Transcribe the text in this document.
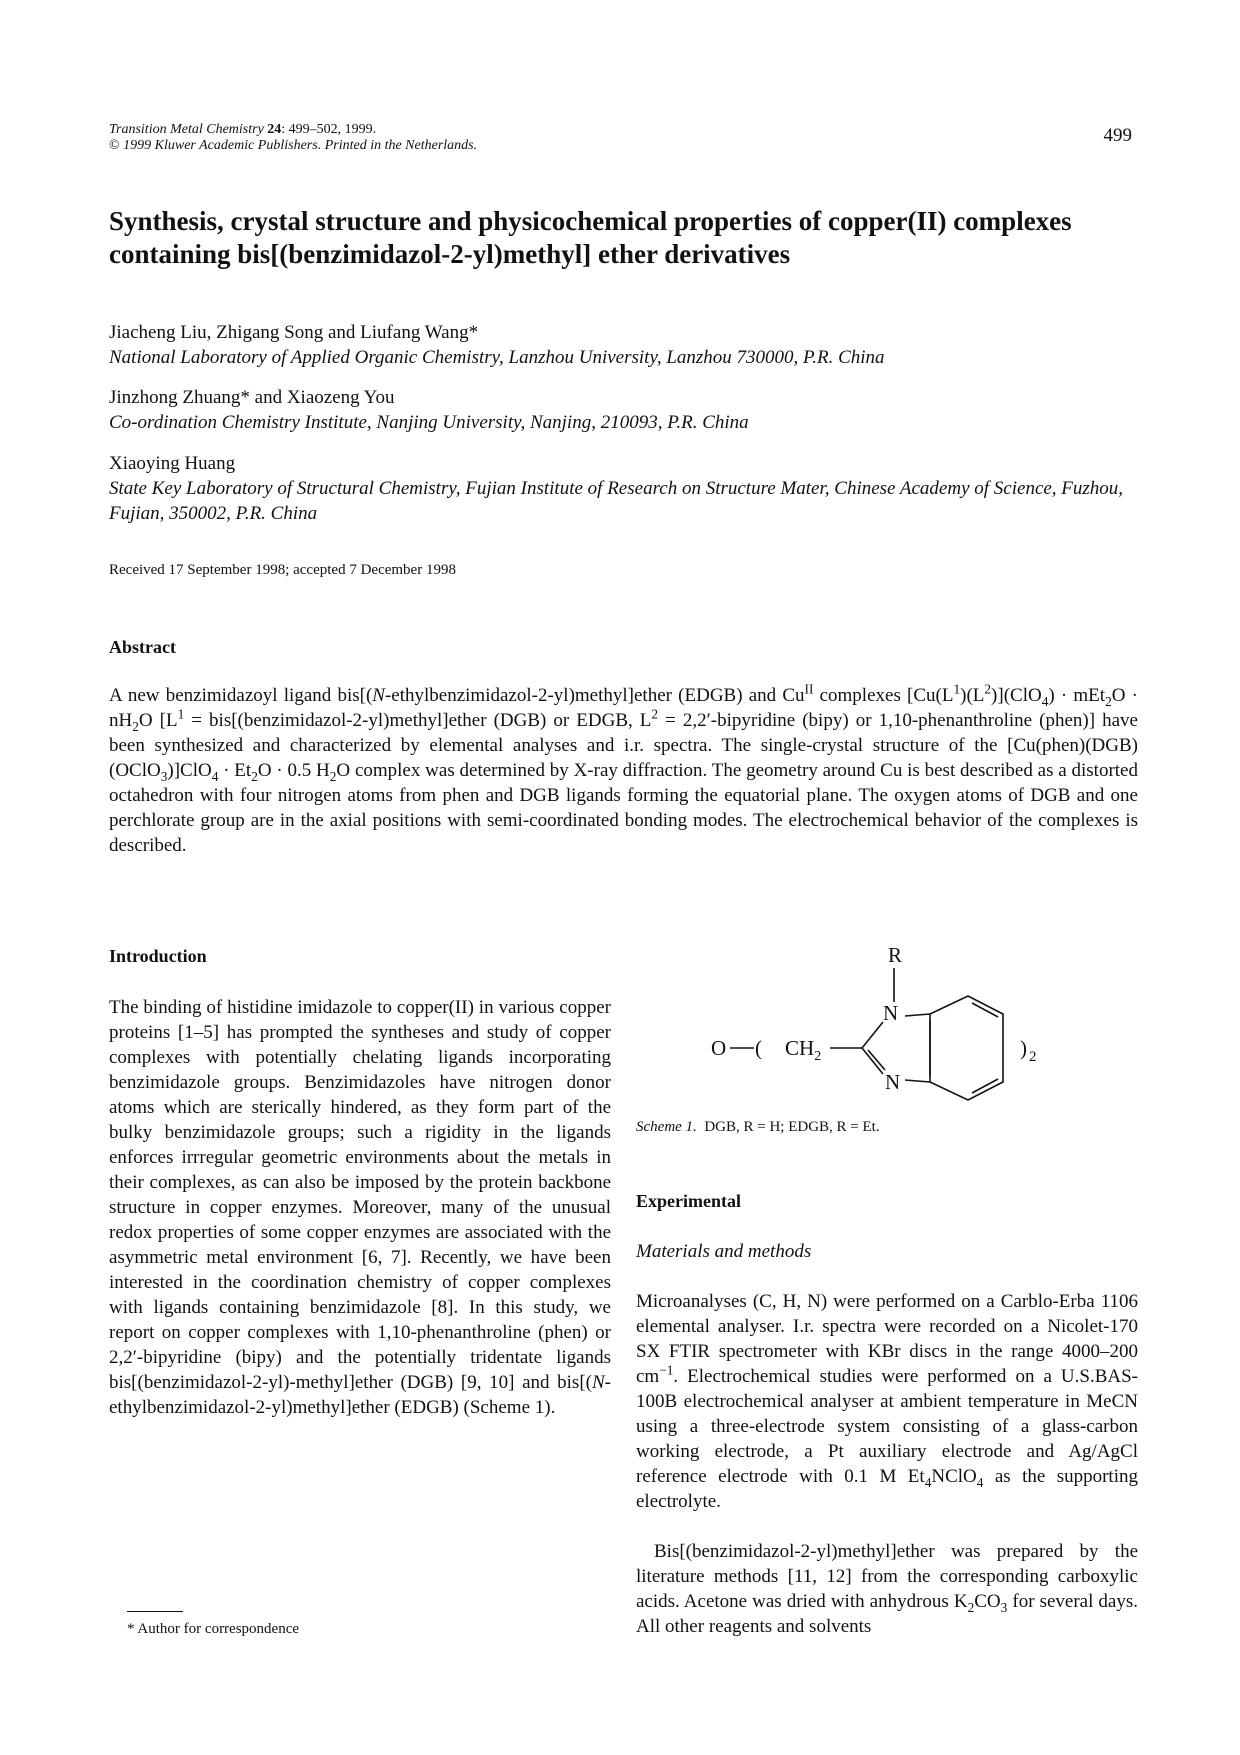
Transition Metal Chemistry 24: 499–502, 1999.
© 1999 Kluwer Academic Publishers. Printed in the Netherlands.	499
Synthesis, crystal structure and physicochemical properties of copper(II) complexes
containing bis[(benzimidazol-2-yl)methyl] ether derivatives
Jiacheng Liu, Zhigang Song and Liufang Wang*
National Laboratory of Applied Organic Chemistry, Lanzhou University, Lanzhou 730000, P.R. China
Jinzhong Zhuang* and Xiaozeng You
Co-ordination Chemistry Institute, Nanjing University, Nanjing, 210093, P.R. China
Xiaoying Huang
State Key Laboratory of Structural Chemistry, Fujian Institute of Research on Structure Mater, Chinese Academy of Science, Fuzhou, Fujian, 350002, P.R. China
Received 17 September 1998; accepted 7 December 1998
Abstract

A new benzimidazoyl ligand bis[(N-ethylbenzimidazol-2-yl)methyl]ether (EDGB) and $Cu^{II}$ complexes $[Cu(L^1)(L^2)](ClO_4) \cdot mEt_2O \cdot nH_2O$ [$L^1$ = bis[(benzimidazol-2-yl)methyl]ether (DGB) or EDGB, $L^2$ = 2,2′-bipyridine (bipy) or 1,10-phenanthroline (phen)] have been synthesized and characterized by elemental analyses and i.r. spectra. The single-crystal structure of the [Cu(phen)(DGB)(OClO$_3$)]ClO$_4$ · $Et_2O \cdot 0.5$ $H_2O$ complex was determined by X-ray diffraction. The geometry around Cu is best described as a distorted octahedron with four nitrogen atoms from phen and DGB ligands forming the equatorial plane. The oxygen atoms of DGB and one perchlorate group are in the axial positions with semi-coordinated bonding modes. The electrochemical behavior of the complexes is described.

Introduction

The binding of histidine imidazole to copper(II) in various copper proteins [1–5] has prompted the syntheses and study of copper complexes with potentially chelating ligands incorporating benzimidazole groups. Benzimidazoles have nitrogen donor atoms which are sterically hindered, as they form part of the bulky benzimidazole groups; such a rigidity in the ligands enforces irrregular geometric environments about the metals in their complexes, as can also be imposed by the protein backbone structure in copper enzymes. Moreover, many of the unusual redox properties of some copper enzymes are associated with the asymmetric metal environment [6, 7]. Recently, we have been interested in the coordination chemistry of copper complexes with ligands containing benzimidazole [8]. In this study, we report on copper complexes with 1,10-phenanthroline (phen) or 2,2′-bipyridine (bipy) and the potentially tridentate ligands bis[(benzimidazol-2-yl)-methyl]ether (DGB) [9, 10] and bis[(N-ethylbenzimidazol-2-yl)methyl]ether (EDGB) (Scheme 1).

R
N
N
O ( $CH_2$	) 2
Scheme 1. DGB, R = H; EDGB, R = Et.
Experimental
Materials and methods

Microanalyses (C, H, N) were performed on a Carblo-Erba 1106 elemental analyser. I.r. spectra were recorded on a Nicolet-170 SX FTIR spectrometer with KBr discs in the range 4000–200 $cm^{-1}$. Electrochemical studies were performed on a U.S.BAS-100B electrochemical analyser at ambient temperature in MeCN using a three-electrode system consisting of a glass-carbon working electrode, a Pt auxiliary electrode and Ag/AgCl reference electrode with 0.1 M $Et_4NClO_4$ as the supporting electrolyte.

Bis[(benzimidazol-2-yl)methyl]ether was prepared by the literature methods [11, 12] from the corresponding carboxylic acids. Acetone was dried with anhydrous $K_2CO_3$ for several days. All other reagents and solvents

* Author for correspondence
